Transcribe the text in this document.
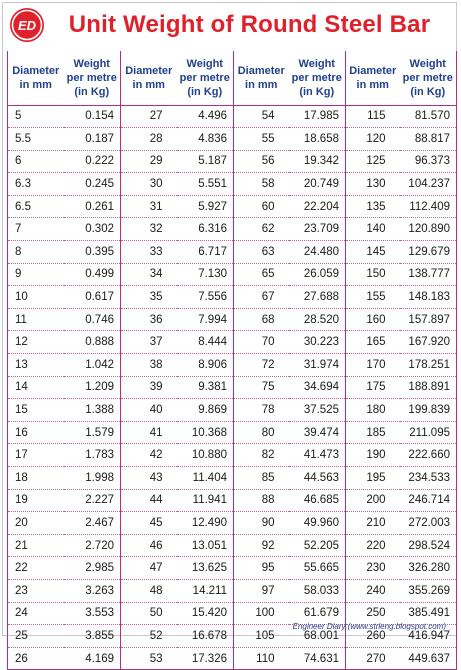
ED	Unit Weight of Round Steel Bar
Diameter in mm	Weight per metre (in Kg)	Diameter in mm	Weight per metre (in Kg)	Diameter in mm	Weight per metre (in Kg)	Diameter in mm	Weight per metre (in Kg)
5	0.154	27	4.496	54	17.985	115	81.570
5.5	0.187	28	4.836	55	18.658	120	88.817
6	0.222	29	5.187	56	19.342	125	96.373
6.3	0.245	30	5.551	58	20.749	130	104.237
6.5	0.261	31	5.927	60	22.204	135	112.409
7	0.302	32	6.316	62	23.709	140	120.890
8	0.395	33	6.717	63	24.480	145	129.679
9	0.499	34	7.130	65	26.059	150	138.777
10	0.617	35	7.556	67	27.688	155	148.183
11	0.746	36	7.994	68	28.520	160	157.897
12	0.888	37	8.444	70	30.223	165	167.920
13	1.042	38	8.906	72	31.974	170	178.251
14	1.209	39	9.381	75	34.694	175	188.891
15	1.388	40	9.869	78	37.525	180	199.839
16	1.579	41	10.368	80	39.474	185	211.095
17	1.783	42	10.880	82	41.473	190	222.660
18	1.998	43	11.404	85	44.563	195	234.533
19	2.227	44	11.941	88	46.685	200	246.714
20	2.467	45	12.490	90	49.960	210	272.003
21	2.720	46	13.051	92	52.205	220	298.524
22	2.985	47	13.625	95	55.665	230	326.280
23	3.263	48	14.211	97	58.033	240	355.269
24	3.553	50	15.420	100	61.679	250	385.491
25	3.855	52	16.678	105	68.001	260	416.947
26	4.169	53	17.326	110	74.631	270	449.637
Engineer Diary (www.strleng.blogspot.com)
